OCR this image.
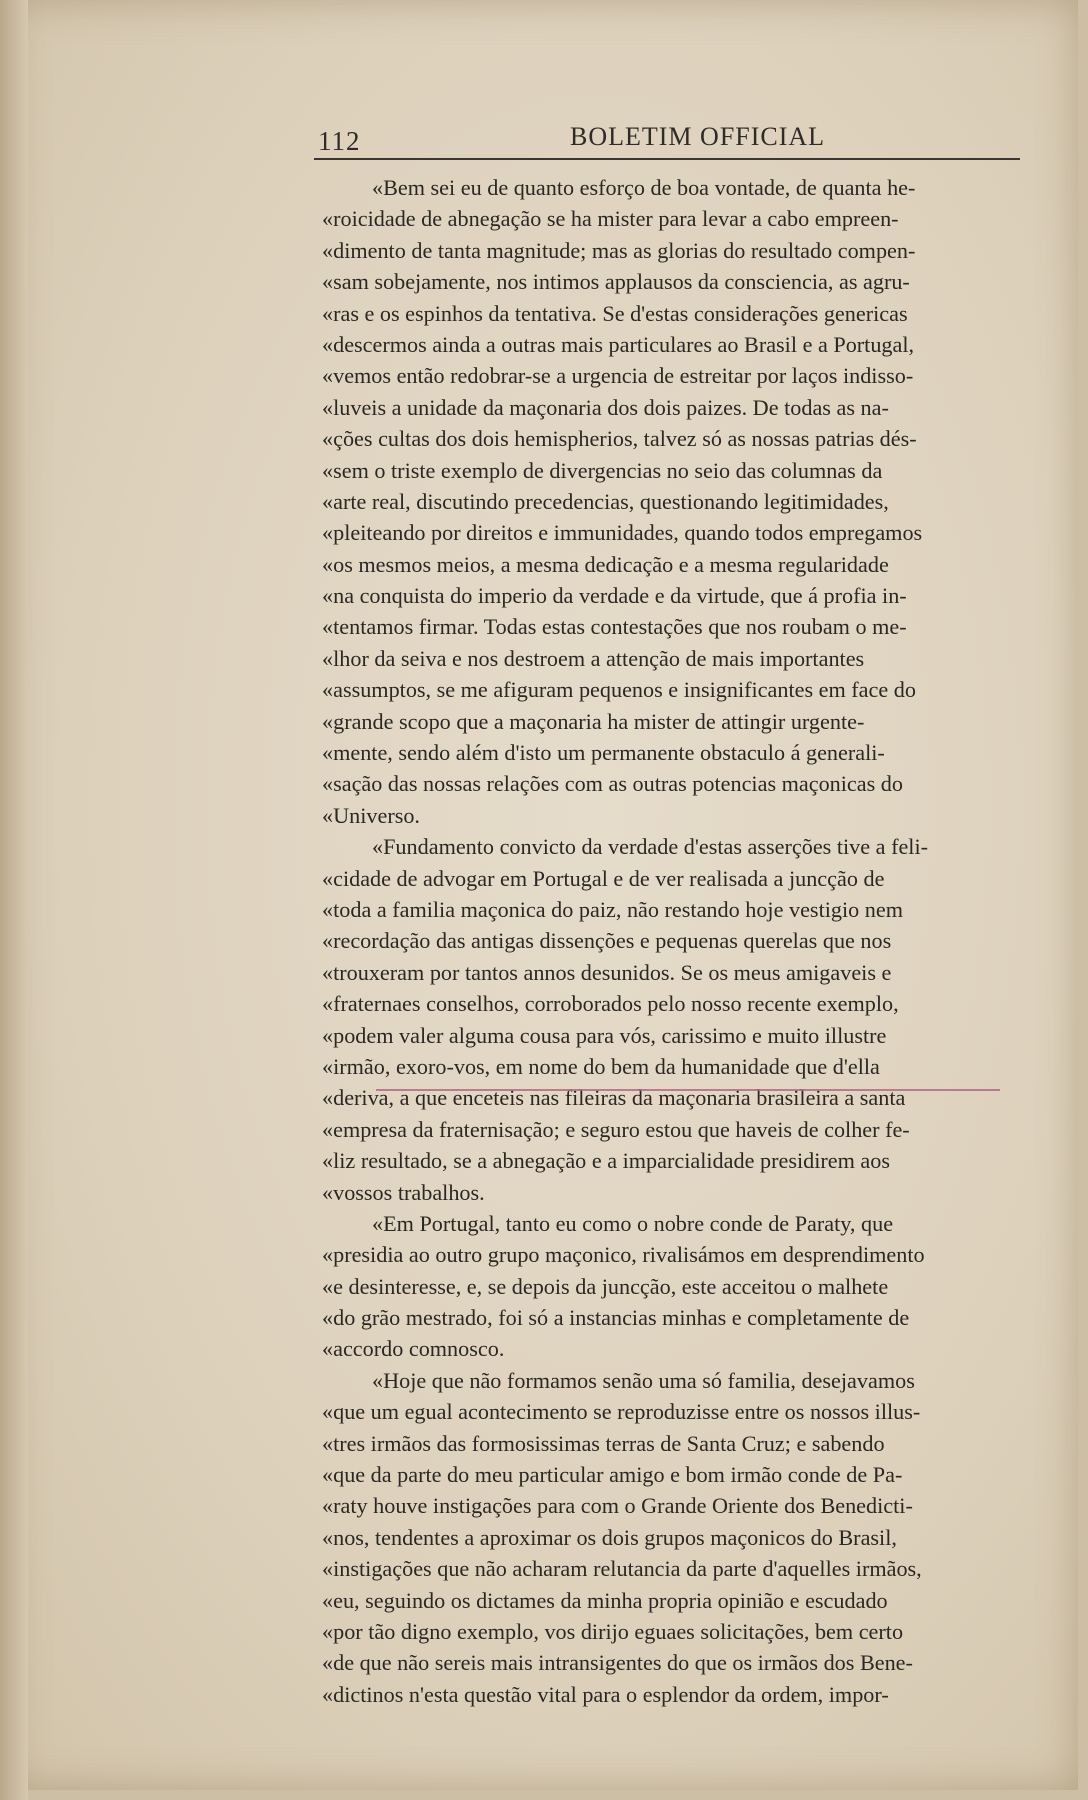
112	BOLETIM OFFICIAL
«Bem sei eu de quanto esforço de boa vontade, de quanta he-
«roicidade de abnegação se ha mister para levar a cabo empreen-
«dimento de tanta magnitude; mas as glorias do resultado compen-
«sam sobejamente, nos intimos applausos da consciencia, as agru-
«ras e os espinhos da tentativa. Se d'estas considerações genericas
«descermos ainda a outras mais particulares ao Brasil e a Portugal,
«vemos então redobrar-se a urgencia de estreitar por laços indisso-
«luveis a unidade da maçonaria dos dois paizes. De todas as na-
«ções cultas dos dois hemispherios, talvez só as nossas patrias dés-
«sem o triste exemplo de divergencias no seio das columnas da
«arte real, discutindo precedencias, questionando legitimidades,
«pleiteando por direitos e immunidades, quando todos empregamos
«os mesmos meios, a mesma dedicação e a mesma regularidade
«na conquista do imperio da verdade e da virtude, que á profia in-
«tentamos firmar. Todas estas contestações que nos roubam o me-
«lhor da seiva e nos destroem a attenção de mais importantes
«assumptos, se me afiguram pequenos e insignificantes em face do
«grande scopo que a maçonaria ha mister de attingir urgente-
«mente, sendo além d'isto um permanente obstaculo á generali-
«sação das nossas relações com as outras potencias maçonicas do
«Universo.
«Fundamento convicto da verdade d'estas asserções tive a feli-
«cidade de advogar em Portugal e de ver realisada a juncção de
«toda a familia maçonica do paiz, não restando hoje vestigio nem
«recordação das antigas dissenções e pequenas querelas que nos
«trouxeram por tantos annos desunidos. Se os meus amigaveis e
«fraternaes conselhos, corroborados pelo nosso recente exemplo,
«podem valer alguma cousa para vós, carissimo e muito illustre
«irmão, exoro-vos, em nome do bem da humanidade que d'ella
«deriva, a que enceteis nas fileiras da maçonaria brasileira a santa
«empresa da fraternisação; e seguro estou que haveis de colher fe-
«liz resultado, se a abnegação e a imparcialidade presidirem aos
«vossos trabalhos.
«Em Portugal, tanto eu como o nobre conde de Paraty, que
«presidia ao outro grupo maçonico, rivalisámos em desprendimento
«e desinteresse, e, se depois da juncção, este acceitou o malhete
«do grão mestrado, foi só a instancias minhas e completamente de
«accordo comnosco.
«Hoje que não formamos senão uma só familia, desejavamos
«que um egual acontecimento se reproduzisse entre os nossos illus-
«tres irmãos das formosissimas terras de Santa Cruz; e sabendo
«que da parte do meu particular amigo e bom irmão conde de Pa-
«raty houve instigações para com o Grande Oriente dos Benedicti-
«nos, tendentes a aproximar os dois grupos maçonicos do Brasil,
«instigações que não acharam relutancia da parte d'aquelles irmãos,
«eu, seguindo os dictames da minha propria opinião e escudado
«por tão digno exemplo, vos dirijo eguaes solicitações, bem certo
«de que não sereis mais intransigentes do que os irmãos dos Bene-
«dictinos n'esta questão vital para o esplendor da ordem, impor-
